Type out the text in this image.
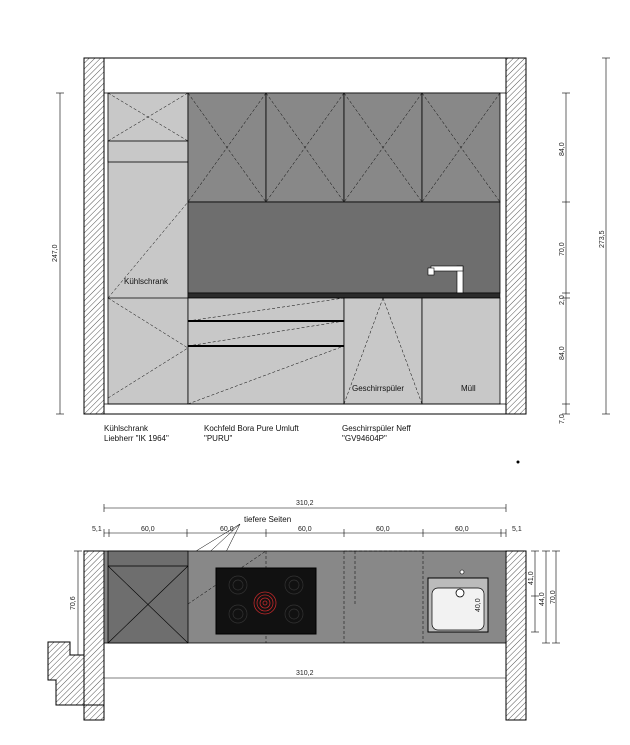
Kühlschrank
Geschirrspüler	Müll
247,0
84,0
70,0
2,0
84,0
7,0
273,5
310,2
5,1	60,0	60,0	60,0	60,0	60,0	5,1
tiefere Seiten
40,0
70,6
41,0
44,0 70,0
310,2
Kühlschrank
Liebherr "IK 1964"
Kochfeld Bora Pure Umluft
"PURU"
Geschirrspüler Neff
"GV94604P"
